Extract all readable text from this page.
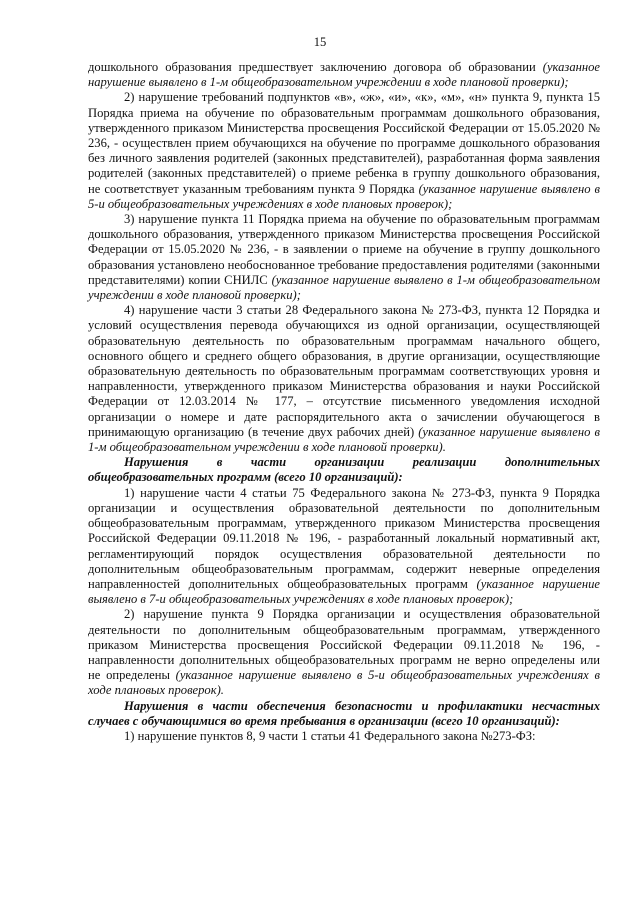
15

дошкольного образования предшествует заключению договора об образовании (указанное нарушение выявлено в 1-м общеобразовательном учреждении в ходе плановой проверки);

2) нарушение требований подпунктов «в», «ж», «и», «к», «м», «н» пункта 9, пункта 15 Порядка приема на обучение по образовательным программам дошкольного образования, утвержденного приказом Министерства просвещения Российской Федерации от 15.05.2020 № 236, - осуществлен прием обучающихся на обучение по программе дошкольного образования без личного заявления родителей (законных представителей), разработанная форма заявления родителей (законных представителей) о приеме ребенка в группу дошкольного образования, не соответствует указанным требованиям пункта 9 Порядка (указанное нарушение выявлено в 5-и общеобразовательных учреждениях в ходе плановых проверок);

3) нарушение пункта 11 Порядка приема на обучение по образовательным программам дошкольного образования, утвержденного приказом Министерства просвещения Российской Федерации от 15.05.2020 № 236, - в заявлении о приеме на обучение в группу дошкольного образования установлено необоснованное требование предоставления родителями (законными представителями) копии СНИЛС (указанное нарушение выявлено в 1-м общеобразовательном учреждении в ходе плановой проверки);

4) нарушение части 3 статьи 28 Федерального закона № 273-ФЗ, пункта 12 Порядка и условий осуществления перевода обучающихся из одной организации, осуществляющей образовательную деятельность по образовательным программам начального общего, основного общего и среднего общего образования, в другие организации, осуществляющие образовательную деятельность по образовательным программам соответствующих уровня и направленности, утвержденного приказом Министерства образования и науки Российской Федерации от 12.03.2014 № 177, – отсутствие письменного уведомления исходной организации о номере и дате распорядительного акта о зачислении обучающегося в принимающую организацию (в течение двух рабочих дней) (указанное нарушение выявлено в 1-м общеобразовательном учреждении в ходе плановой проверки).

Нарушения в части организации реализации дополнительных общеобразовательных программ (всего 10 организаций):

1) нарушение части 4 статьи 75 Федерального закона № 273-ФЗ, пункта 9 Порядка организации и осуществления образовательной деятельности по дополнительным общеобразовательным программам, утвержденного приказом Министерства просвещения Российской Федерации 09.11.2018 № 196, - разработанный локальный нормативный акт, регламентирующий порядок осуществления образовательной деятельности по дополнительным общеобразовательным программам, содержит неверные определения направленностей дополнительных общеобразовательных программ (указанное нарушение выявлено в 7-и общеобразовательных учреждениях в ходе плановых проверок);

2) нарушение пункта 9 Порядка организации и осуществления образовательной деятельности по дополнительным общеобразовательным программам, утвержденного приказом Министерства просвещения Российской Федерации 09.11.2018 № 196, - направленности дополнительных общеобразовательных программ не верно определены или не определены (указанное нарушение выявлено в 5-и общеобразовательных учреждениях в ходе плановых проверок).

Нарушения в части обеспечения безопасности и профилактики несчастных случаев с обучающимися во время пребывания в организации (всего 10 организаций):

1) нарушение пунктов 8, 9 части 1 статьи 41 Федерального закона №273-ФЗ:
